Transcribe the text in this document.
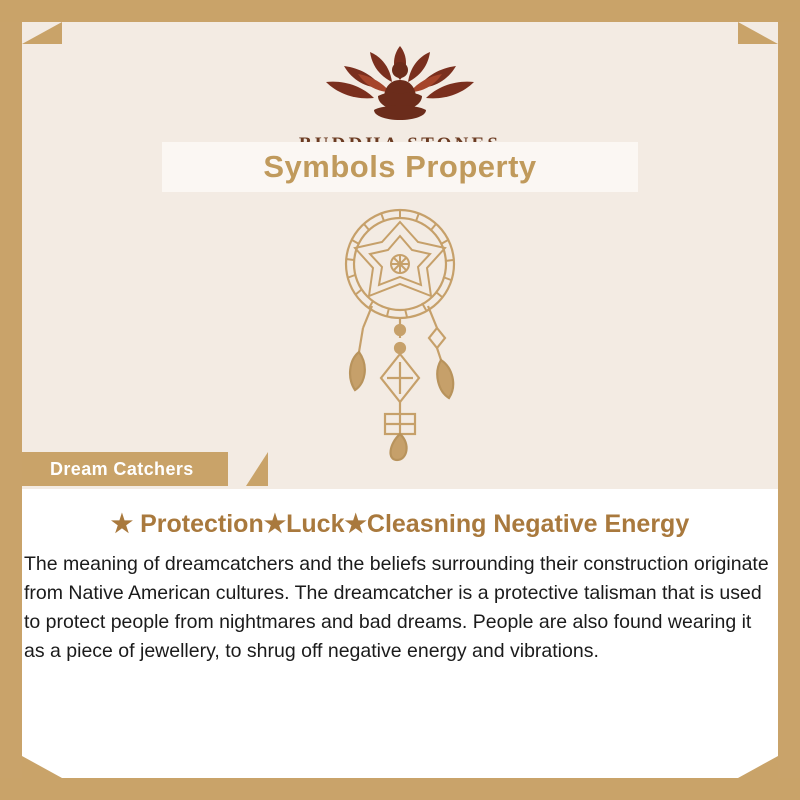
Symbols Property
Dream Catchers
★ Protection★Luck★Cleasning Negative Energy
The meaning of dreamcatchers and the beliefs surrounding their construction originate from Native American cultures. The dreamcatcher is a protective talisman that is used to protect people from nightmares and bad dreams. People are also found wearing it as a piece of jewellery, to shrug off negative energy and vibrations.
